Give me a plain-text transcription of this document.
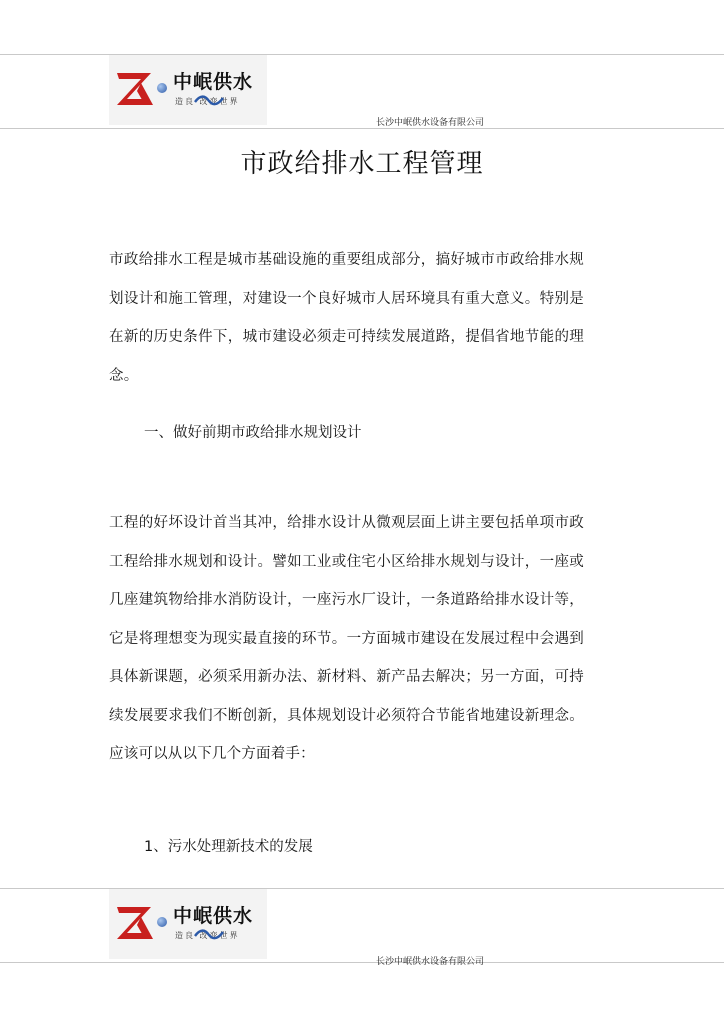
中岷供水
造良 改变世界
长沙中岷供水设备有限公司
市政给排水工程管理
市政给排水工程是城市基础设施的重要组成部分，搞好城市市政给排水规划设计和施工管理，对建设一个良好城市人居环境具有重大意义。特别是在新的历史条件下，城市建设必须走可持续发展道路，提倡省地节能的理念。
一、做好前期市政给排水规划设计
工程的好坏设计首当其冲，给排水设计从微观层面上讲主要包括单项市政工程给排水规划和设计。譬如工业或住宅小区给排水规划与设计，一座或几座建筑物给排水消防设计，一座污水厂设计，一条道路给排水设计等，它是将理想变为现实最直接的环节。一方面城市建设在发展过程中会遇到具体新课题，必须采用新办法、新材料、新产品去解决；另一方面，可持续发展要求我们不断创新，具体规划设计必须符合节能省地建设新理念。应该可以从以下几个方面着手：
1、污水处理新技术的发展
中岷供水
造良 改变世界
长沙中岷供水设备有限公司
